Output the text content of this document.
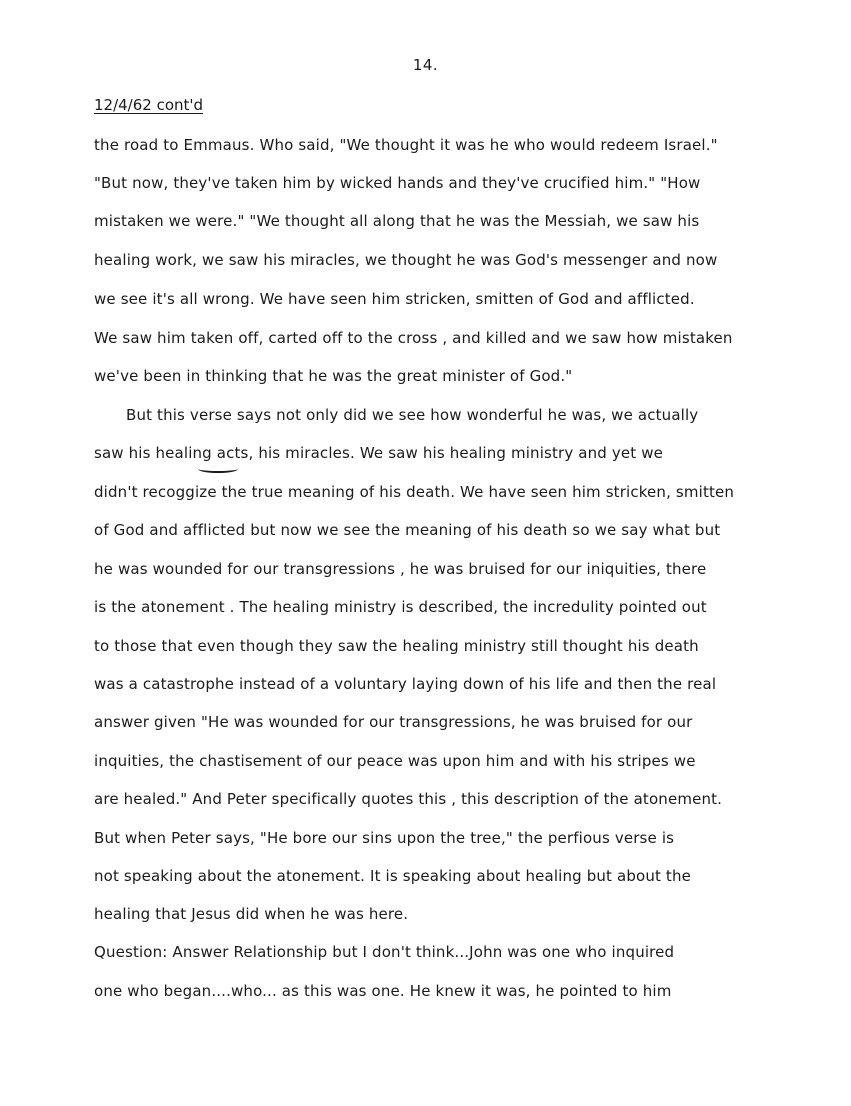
14.
12/4/62 cont'd
the road to Emmaus. Who said, "We thought it was he who would redeem Israel."
"But now, they've taken him by wicked hands and they've crucified him." "How
mistaken we were." "We thought all along that he was the Messiah, we saw his
healing work, we saw his miracles, we thought he was God's messenger and now
we see it's all wrong. We have seen him stricken, smitten of God and afflicted.
We saw him taken off, carted off to the cross , and killed and we saw how mistaken
we've been in thinking that he was the great minister of God."
But this verse says not only did we see how wonderful he was, we actually
saw his healing acts, his miracles. We saw his healing ministry and yet we
didn't recoggize the true meaning of his death. We have seen him stricken, smitten
of God and afflicted but now we see the meaning of his death so we say what but
he was wounded for our transgressions , he was bruised for our iniquities, there
is the atonement . The healing ministry is described, the incredulity pointed out
to those that even though they saw the healing ministry still thought his death
was a catastrophe instead of a voluntary laying down of his life and then the real
answer given "He was wounded for our transgressions, he was bruised for our
inquities, the chastisement of our peace was upon him and with his stripes we
are healed." And Peter specifically quotes this , this description of the atonement.
But when Peter says, "He bore our sins upon the tree," the perfious verse is
not speaking about the atonement. It is speaking about healing but about the
healing that Jesus did when he was here.
Question: Answer Relationship but I don't think...John was one who inquired
one who began....who... as this was one. He knew it was, he pointed to him
